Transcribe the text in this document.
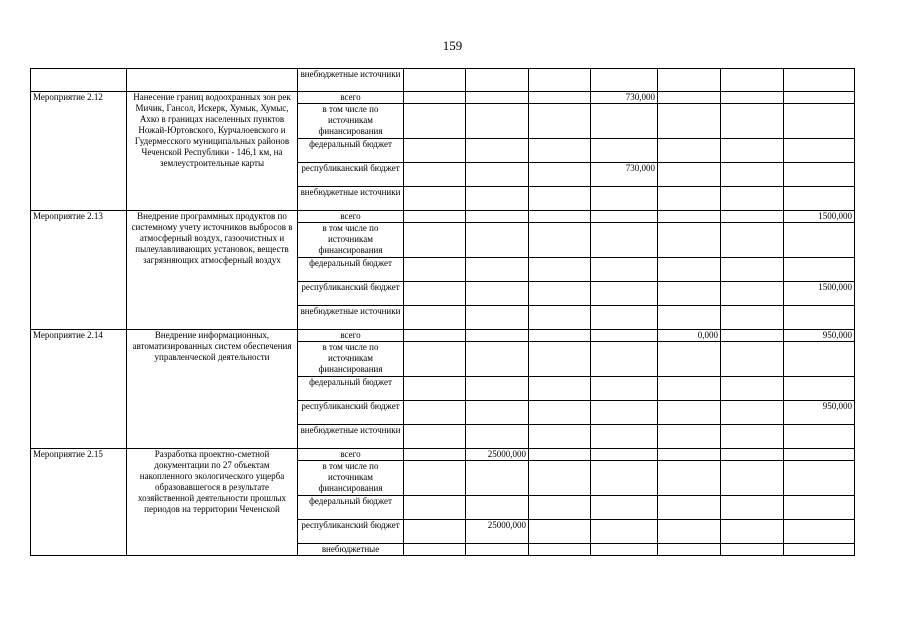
159
		внебюджетные источники							
Мероприятие 2.12	Нанесение границ водоохранных зон рек Мичик, Гансол, Искерк, Хумык, Хумыс, Ахко в границах населенных пунктов Ножай-Юртовского, Курчалоевского и Гудермесского муниципальных районов Чеченской Республики - 146,1 км, на землеустроительные карты	всего				730,000			
		в том числе по источникам финансирования							
		федеральный бюджет							
		республиканский бюджет				730,000			
		внебюджетные источники							
Мероприятие 2.13	Внедрение программных продуктов по системному учету источников выбросов в атмосферный воздух, газоочистных и пылеулавливающих установок, веществ загрязняющих атмосферный воздух	всего							1500,000
		в том числе по источникам финансирования							
		федеральный бюджет							
		республиканский бюджет							1500,000
		внебюджетные источники							
Мероприятие 2.14	Внедрение информационных, автоматизированных систем обеспечения управленческой деятельности	всего					0,000		950,000
		в том числе по источникам финансирования							
		федеральный бюджет							
		республиканский бюджет							950,000
		внебюджетные источники							
Мероприятие 2.15	Разработка проектно-сметной документации по 27 объектам накопленного экологического ущерба образовавшегося в результате хозяйственной деятельности прошлых периодов на территории Чеченской	всего		25000,000					
		в том числе по источникам финансирования							
		федеральный бюджет							
		республиканский бюджет		25000,000					
		внебюджетные							
